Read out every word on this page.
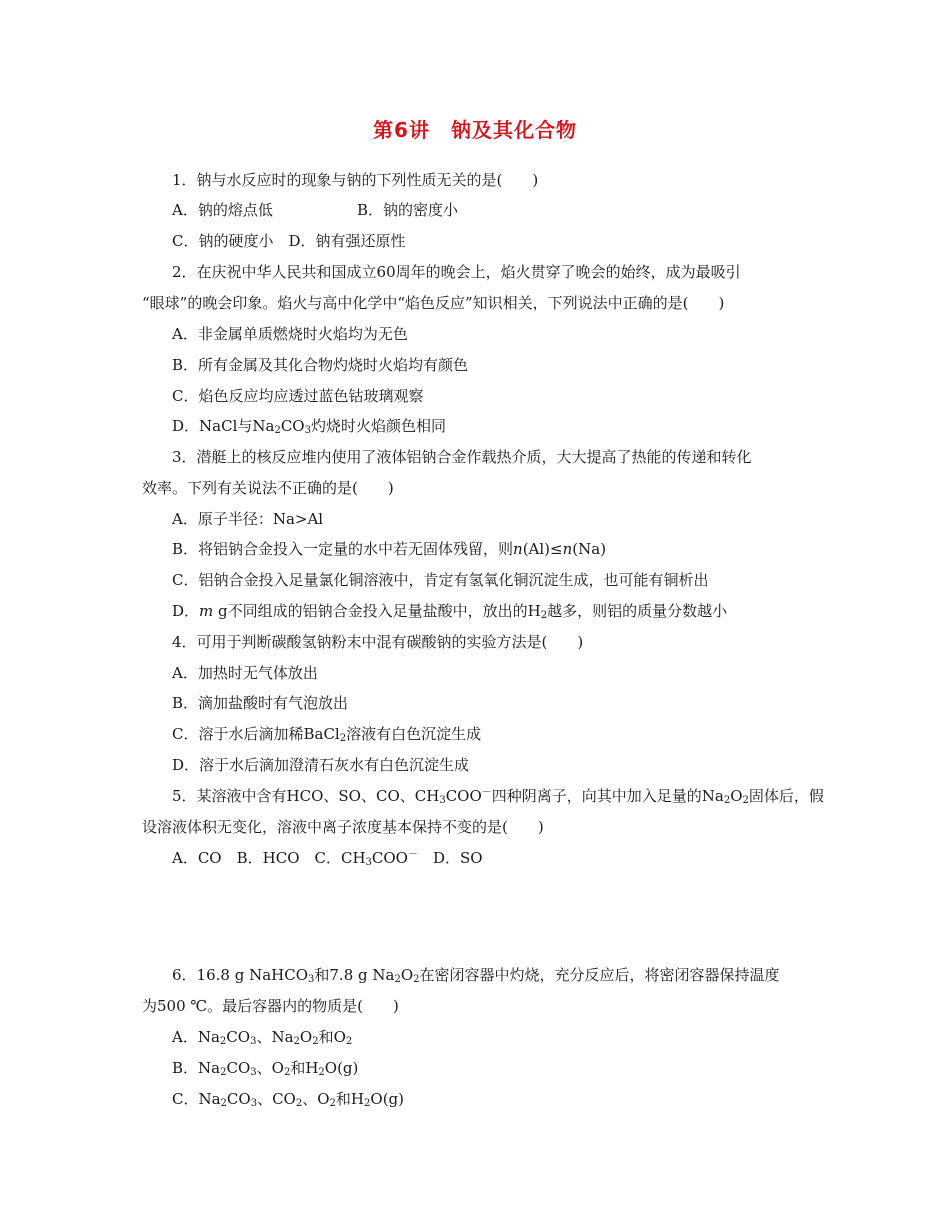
第6讲　钠及其化合物
1．钠与水反应时的现象与钠的下列性质无关的是(　　)
A．钠的熔点低	B．钠的密度小
C．钠的硬度小　 D．钠有强还原性
2．在庆祝中华人民共和国成立60周年的晚会上，焰火贯穿了晚会的始终，成为最吸引
“眼球”的晚会印象。焰火与高中化学中“焰色反应”知识相关，下列说法中正确的是(　　)
A．非金属单质燃烧时火焰均为无色
B．所有金属及其化合物灼烧时火焰均有颜色
C．焰色反应均应透过蓝色钴玻璃观察
D．NaCl与$Na_2CO_3$灼烧时火焰颜色相同
3．潜艇上的核反应堆内使用了液体铝钠合金作载热介质，大大提高了热能的传递和转化
效率。下列有关说法不正确的是(　　)
A．原子半径：Na>Al
B．将铝钠合金投入一定量的水中若无固体残留，则n(Al)≤n(Na)
C．铝钠合金投入足量氯化铜溶液中，肯定有氢氧化铜沉淀生成，也可能有铜析出
D．m g不同组成的铝钠合金投入足量盐酸中，放出的$H_2$越多，则铝的质量分数越小
4．可用于判断碳酸氢钠粉末中混有碳酸钠的实验方法是(　　)
A．加热时无气体放出
B．滴加盐酸时有气泡放出
C．溶于水后滴加稀BaCl$_2$溶液有白色沉淀生成
D．溶于水后滴加澄清石灰水有白色沉淀生成
5．某溶液中含有HCO、SO、CO、$CH_3COO^-$四种阴离子，向其中加入足量的$Na_2O_2$固体后，假
设溶液体积无变化，溶液中离子浓度基本保持不变的是(　　)
A．CO　B．HCO　C．$CH_3COO^-$　D．SO
6．16.8 g NaHCO$_3$和7.8 g $Na_2O_2$在密闭容器中灼烧，充分反应后，将密闭容器保持温度
为500 ℃。最后容器内的物质是(　　)
A．$Na_2CO_3$、$Na_2O_2$和$O_2$
B．$Na_2CO_3$、$O_2$和$H_2O(g)$
C．$Na_2CO_3$、$CO_2$、$O_2$和$H_2O(g)$
